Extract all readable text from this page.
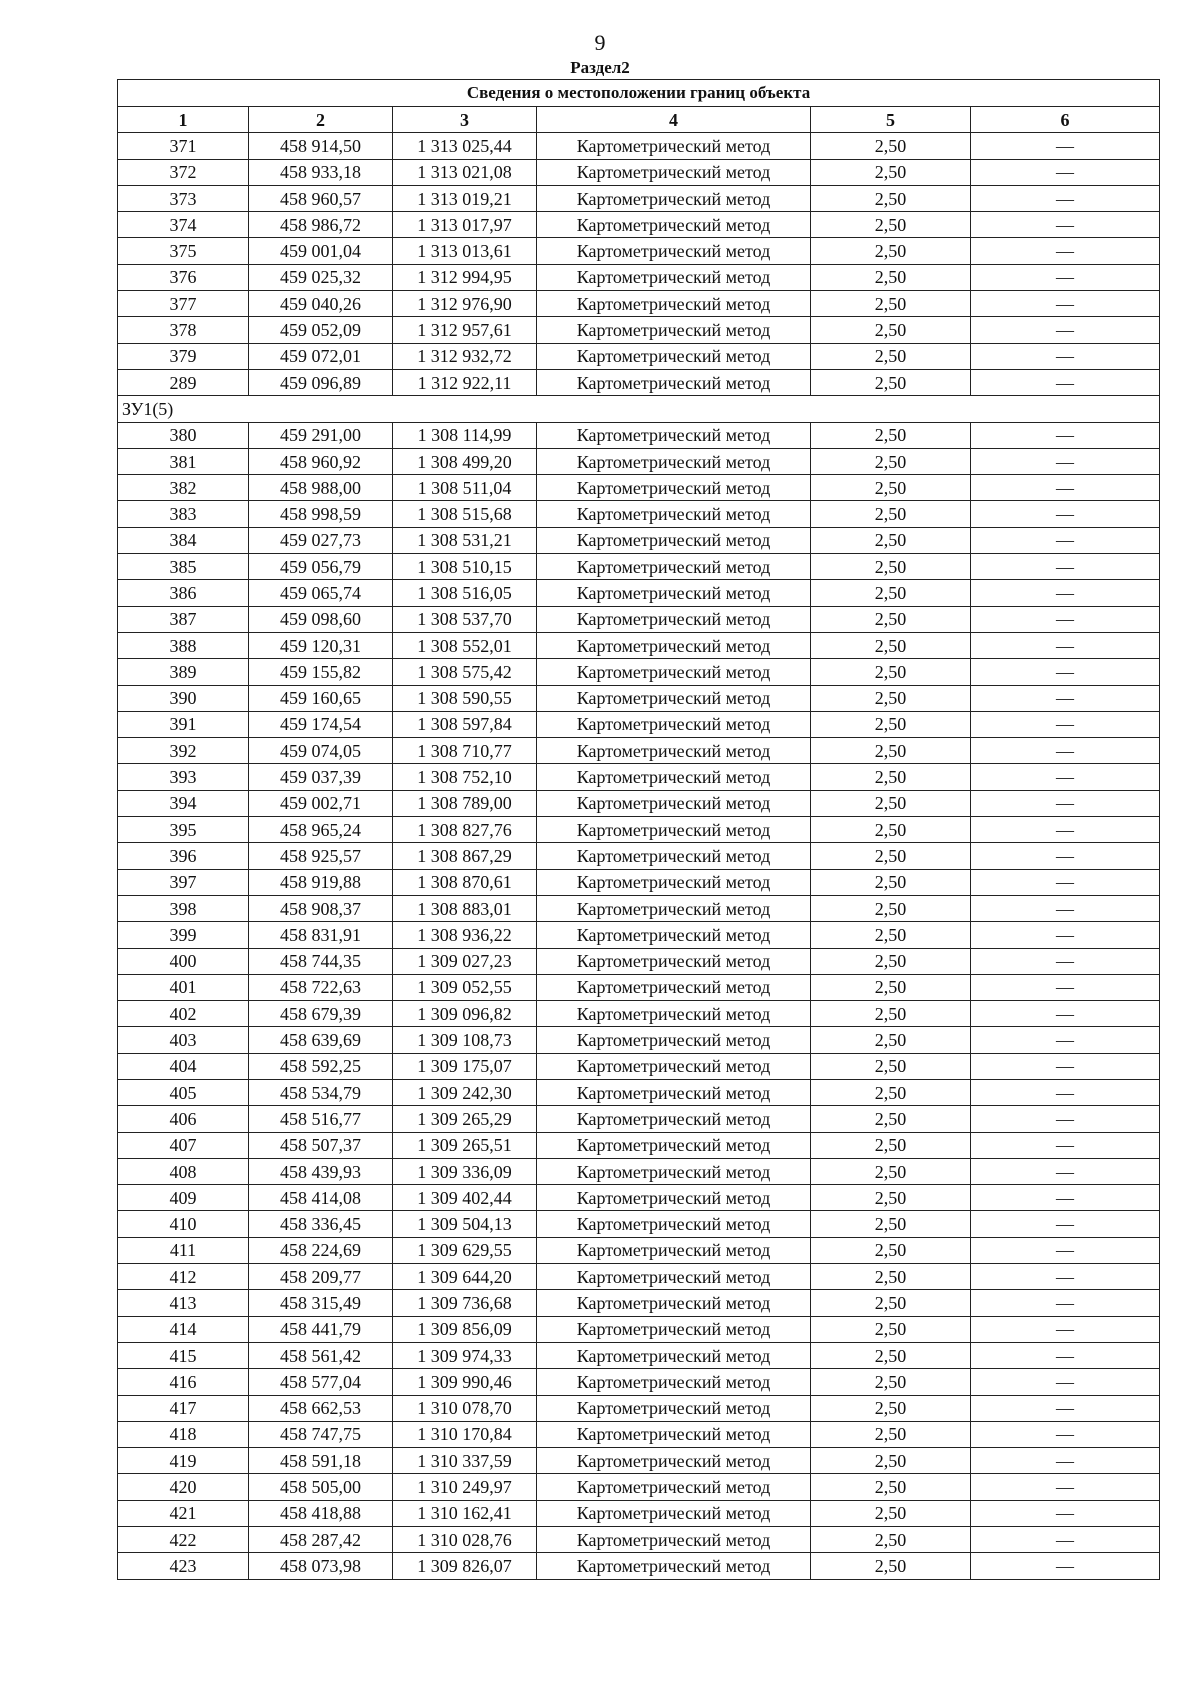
9
Раздел2
Сведения о местоположении границ объекта					
1	2	3	4	5	6
371	458 914,50	1 313 025,44	Картометрический метод	2,50	—
372	458 933,18	1 313 021,08	Картометрический метод	2,50	—
373	458 960,57	1 313 019,21	Картометрический метод	2,50	—
374	458 986,72	1 313 017,97	Картометрический метод	2,50	—
375	459 001,04	1 313 013,61	Картометрический метод	2,50	—
376	459 025,32	1 312 994,95	Картометрический метод	2,50	—
377	459 040,26	1 312 976,90	Картометрический метод	2,50	—
378	459 052,09	1 312 957,61	Картометрический метод	2,50	—
379	459 072,01	1 312 932,72	Картометрический метод	2,50	—
289	459 096,89	1 312 922,11	Картометрический метод	2,50	—
ЗУ1(5)					
380	459 291,00	1 308 114,99	Картометрический метод	2,50	—
381	458 960,92	1 308 499,20	Картометрический метод	2,50	—
382	458 988,00	1 308 511,04	Картометрический метод	2,50	—
383	458 998,59	1 308 515,68	Картометрический метод	2,50	—
384	459 027,73	1 308 531,21	Картометрический метод	2,50	—
385	459 056,79	1 308 510,15	Картометрический метод	2,50	—
386	459 065,74	1 308 516,05	Картометрический метод	2,50	—
387	459 098,60	1 308 537,70	Картометрический метод	2,50	—
388	459 120,31	1 308 552,01	Картометрический метод	2,50	—
389	459 155,82	1 308 575,42	Картометрический метод	2,50	—
390	459 160,65	1 308 590,55	Картометрический метод	2,50	—
391	459 174,54	1 308 597,84	Картометрический метод	2,50	—
392	459 074,05	1 308 710,77	Картометрический метод	2,50	—
393	459 037,39	1 308 752,10	Картометрический метод	2,50	—
394	459 002,71	1 308 789,00	Картометрический метод	2,50	—
395	458 965,24	1 308 827,76	Картометрический метод	2,50	—
396	458 925,57	1 308 867,29	Картометрический метод	2,50	—
397	458 919,88	1 308 870,61	Картометрический метод	2,50	—
398	458 908,37	1 308 883,01	Картометрический метод	2,50	—
399	458 831,91	1 308 936,22	Картометрический метод	2,50	—
400	458 744,35	1 309 027,23	Картометрический метод	2,50	—
401	458 722,63	1 309 052,55	Картометрический метод	2,50	—
402	458 679,39	1 309 096,82	Картометрический метод	2,50	—
403	458 639,69	1 309 108,73	Картометрический метод	2,50	—
404	458 592,25	1 309 175,07	Картометрический метод	2,50	—
405	458 534,79	1 309 242,30	Картометрический метод	2,50	—
406	458 516,77	1 309 265,29	Картометрический метод	2,50	—
407	458 507,37	1 309 265,51	Картометрический метод	2,50	—
408	458 439,93	1 309 336,09	Картометрический метод	2,50	—
409	458 414,08	1 309 402,44	Картометрический метод	2,50	—
410	458 336,45	1 309 504,13	Картометрический метод	2,50	—
411	458 224,69	1 309 629,55	Картометрический метод	2,50	—
412	458 209,77	1 309 644,20	Картометрический метод	2,50	—
413	458 315,49	1 309 736,68	Картометрический метод	2,50	—
414	458 441,79	1 309 856,09	Картометрический метод	2,50	—
415	458 561,42	1 309 974,33	Картометрический метод	2,50	—
416	458 577,04	1 309 990,46	Картометрический метод	2,50	—
417	458 662,53	1 310 078,70	Картометрический метод	2,50	—
418	458 747,75	1 310 170,84	Картометрический метод	2,50	—
419	458 591,18	1 310 337,59	Картометрический метод	2,50	—
420	458 505,00	1 310 249,97	Картометрический метод	2,50	—
421	458 418,88	1 310 162,41	Картометрический метод	2,50	—
422	458 287,42	1 310 028,76	Картометрический метод	2,50	—
423	458 073,98	1 309 826,07	Картометрический метод	2,50	—
